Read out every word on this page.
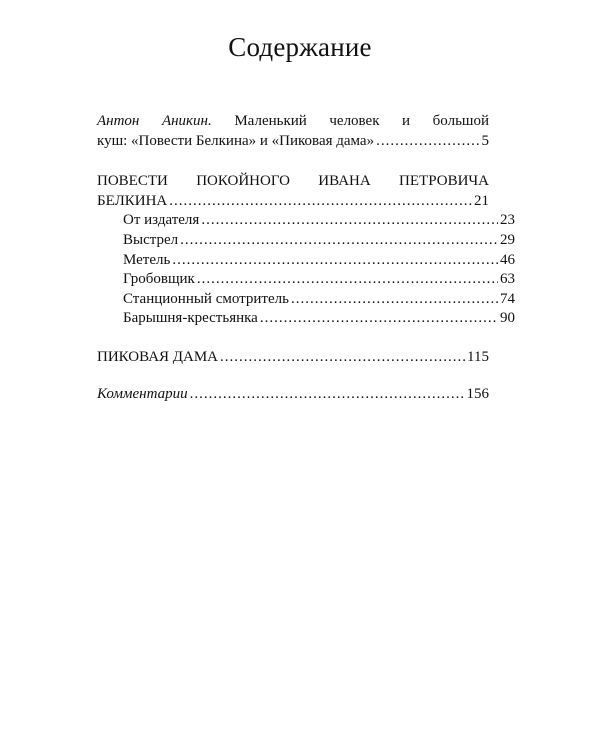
Содержание
Антон Аникин. Маленький человек и большой
куш: «Повести Белкина» и «Пиковая дама» .....	5
ПОВЕСТИ ПОКОЙНОГО ИВАНА ПЕТРОВИЧА
БЕЛКИНА .....	21
От издателя .....	23
Выстрел .....	29
Метель .....	46
Гробовщик .....	63
Станционный смотритель .....	74
Барышня-крестьянка .....	90
ПИКОВАЯ ДАМА .....	115
Комментарии .....	156
